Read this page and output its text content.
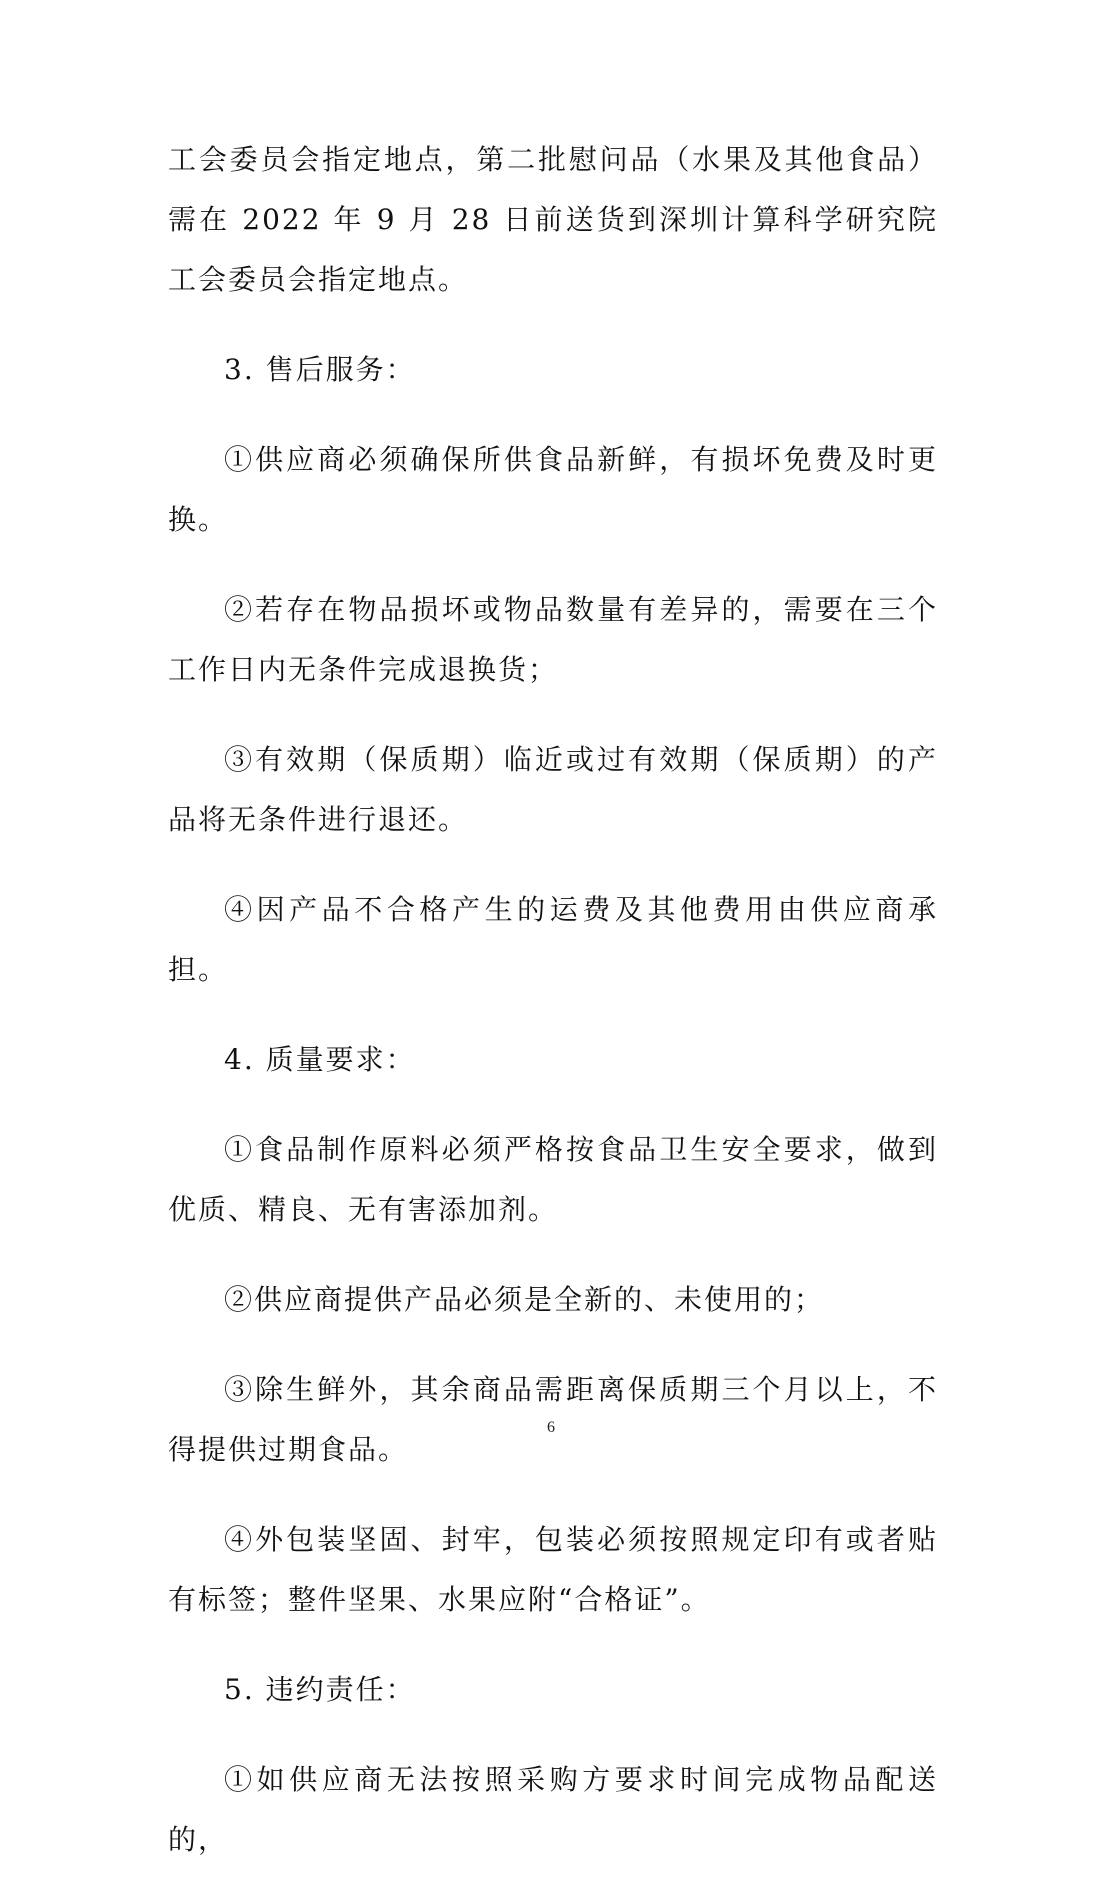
工会委员会指定地点，第二批慰问品（水果及其他食品）需在 2022 年 9 月 28 日前送货到深圳计算科学研究院工会委员会指定地点。

3. 售后服务：

①供应商必须确保所供食品新鲜，有损坏免费及时更换。

②若存在物品损坏或物品数量有差异的，需要在三个工作日内无条件完成退换货；

③有效期（保质期）临近或过有效期（保质期）的产品将无条件进行退还。

④因产品不合格产生的运费及其他费用由供应商承担。

4. 质量要求：

①食品制作原料必须严格按食品卫生安全要求，做到优质、精良、无有害添加剂。

②供应商提供产品必须是全新的、未使用的；

③除生鲜外，其余商品需距离保质期三个月以上，不得提供过期食品。

④外包装坚固、封牢，包装必须按照规定印有或者贴有标签；整件坚果、水果应附“合格证”。

5. 违约责任：

①如供应商无法按照采购方要求时间完成物品配送的，

6
